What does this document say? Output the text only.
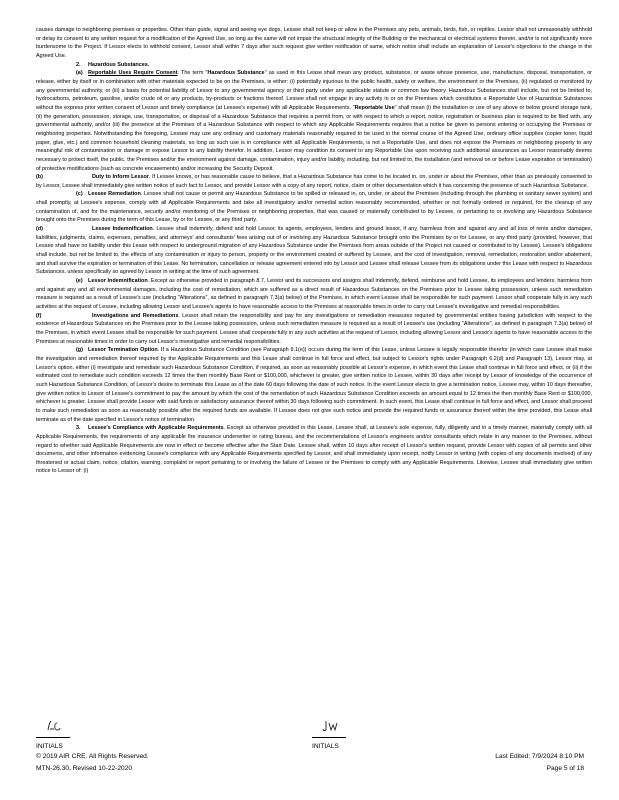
causes damage to neighboring premises or properties. Other than guide, signal and seeing eye dogs, Lessee shall not keep or allow in the Premises any pets, animals, birds, fish, or reptiles. Lessor shall not unreasonably withhold or delay its consent to any written request for a modification of the Agreed Use, so long as the same will not impair the structural integrity of the Building or the mechanical or electrical systems therein, and/or is not significantly more burdensome to the Project. If Lessor elects to withhold consent, Lessor shall within 7 days after such request give written notification of same, which notice shall include an explanation of Lessor's objections to the change in the Agreed Use.

2. Hazardous Substances.

(a) Reportable Uses Require Consent. The term "Hazardous Substance" as used in this Lease shall mean any product, substance, or waste whose presence, use, manufacture, disposal, transportation, or release, either by itself or in combination with other materials expected to be on the Premises, is either: (i) potentially injurious to the public health, safety or welfare, the environment or the Premises, (ii) regulated or monitored by any governmental authority, or (iii) a basis for potential liability of Lessor to any governmental agency or third party under any applicable statute or common law theory. Hazardous Substances shall include, but not be limited to, hydrocarbons, petroleum, gasoline, and/or crude oil or any products, by-products or fractions thereof. Lessee shall not engage in any activity in or on the Premises which constitutes a Reportable Use of Hazardous Substances without the express prior written consent of Lessor and timely compliance (at Lessee's expense) with all Applicable Requirements. "Reportable Use" shall mean (i) the installation or use of any above or below ground storage tank, (ii) the generation, possession, storage, use, transportation, or disposal of a Hazardous Substance that requires a permit from, or with respect to which a report, notice, registration or business plan is required to be filed with, any governmental authority, and/or (iii) the presence at the Premises of a Hazardous Substance with respect to which any Applicable Requirements requires that a notice be given to persons entering or occupying the Premises or neighboring properties. Notwithstanding the foregoing, Lessee may use any ordinary and customary materials reasonably required to be used in the normal course of the Agreed Use, ordinary office supplies (copier toner, liquid paper, glue, etc.) and common household cleaning materials, so long as such use is in compliance with all Applicable Requirements, is not a Reportable Use, and does not expose the Premises or neighboring property to any meaningful risk of contamination or damage or expose Lessor to any liability therefor. In addition, Lessor may condition its consent to any Reportable Use upon receiving such additional assurances as Lessor reasonably deems necessary to protect itself, the public, the Premises and/or the environment against damage, contamination, injury and/or liability, including, but not limited to, the installation (and removal on or before Lease expiration or termination) of protective modifications (such as concrete encasements) and/or increasing the Security Deposit.

(b)	Duty to Inform Lessor. If Lessee knows, or has reasonable cause to believe, that a Hazardous Substance has come to be located in, on, under or about the Premises, other than as previously consented to by Lessor, Lessee shall immediately give written notice of such fact to Lessor, and provide Lessor with a copy of any report, notice, claim or other documentation which it has concerning the presence of such Hazardous Substance.

(c) Lessee Remediation. Lessee shall not cause or permit any Hazardous Substance to be spilled or released in, on, under, or about the Premises (including through the plumbing or sanitary sewer system) and shall promptly, at Lessee's expense, comply with all Applicable Requirements and take all investigatory and/or remedial action reasonably recommended, whether or not formally ordered or required, for the cleanup of any contamination of, and for the maintenance, security and/or monitoring of the Premises or neighboring properties, that was caused or materially contributed to by Lessee, or pertaining to or involving any Hazardous Substance brought onto the Premises during the term of this Lease, by or for Lessee, or any third party.

(d)	Lessee Indemnification. Lessee shall indemnify, defend and hold Lessor, its agents, employees, lenders and ground lessor, if any, harmless from and against any and all loss of rents and/or damages, liabilities, judgments, claims, expenses, penalties, and attorneys' and consultants' fees arising out of or involving any Hazardous Substance brought onto the Premises by or for Lessee, or any third party (provided, however, that Lessee shall have no liability under this Lease with respect to underground migration of any Hazardous Substance under the Premises from areas outside of the Project not caused or contributed to by Lessee). Lessee's obligations shall include, but not be limited to, the effects of any contamination or injury to person, property or the environment created or suffered by Lessee, and the cost of investigation, removal, remediation, restoration and/or abatement, and shall survive the expiration or termination of this Lease. No termination, cancellation or release agreement entered into by Lessor and Lessee shall release Lessee from its obligations under this Lease with respect to Hazardous Substances, unless specifically so agreed by Lessor in writing at the time of such agreement.

(e) Lessor Indemnification. Except as otherwise provided in paragraph 8.7, Lessor and its successors and assigns shall indemnify, defend, reimburse and hold Lessee, its employees and lenders, harmless from and against any and all environmental damages, including the cost of remediation, which are suffered as a direct result of Hazardous Substances on the Premises prior to Lessee taking possession, unless such remediation measure is required as a result of Lessee's use (including "Alterations", as defined in paragraph 7.3(a) below) of the Premises, in which event Lessee shall be responsible for such payment. Lessor shall cooperate fully in any such activities at the request of Lessee, including allowing Lessor and Lessee's agents to have reasonable access to the Premises at reasonable times in order to carry out Lessee's investigative and remedial responsibilities.

(f)	Investigations and Remediations. Lessor shall retain the responsibility and pay for any investigations or remediation measures required by governmental entities having jurisdiction with respect to the existence of Hazardous Substances on the Premises prior to the Lessee taking possession, unless such remediation measure is required as a result of Lessee's use (including "Alterations", as defined in paragraph 7.3(a) below) of the Premises, in which event Lessee shall be responsible for such payment. Lessee shall cooperate fully in any such activities at the request of Lessor, including allowing Lessor and Lessor's agents to have reasonable access to the Premises at reasonable times in order to carry out Lessor's investigative and remedial responsibilities.

(g) Lessor Termination Option. If a Hazardous Substance Condition (see Paragraph 9.1(e)) occurs during the term of this Lease, unless Lessee is legally responsible therefor (in which case Lessee shall make the investigation and remediation thereof required by the Applicable Requirements and this Lease shall continue in full force and effect, but subject to Lessor's rights under Paragraph 6.2(d) and Paragraph 13), Lessor may, at Lessor's option, either (i) investigate and remediate such Hazardous Substance Condition, if required, as soon as reasonably possible at Lessor's expense, in which event this Lease shall continue in full force and effect, or (ii) if the estimated cost to remediate such condition exceeds 12 times the then monthly Base Rent or $100,000, whichever is greater, give written notice to Lessee, within 30 days after receipt by Lessor of knowledge of the occurrence of such Hazardous Substance Condition, of Lessor's desire to terminate this Lease as of the date 60 days following the date of such notice. In the event Lessor elects to give a termination notice, Lessee may, within 10 days thereafter, give written notice to Lessor of Lessee's commitment to pay the amount by which the cost of the remediation of such Hazardous Substance Condition exceeds an amount equal to 12 times the then monthly Base Rent or $100,000, whichever is greater. Lessee shall provide Lessor with said funds or satisfactory assurance thereof within 30 days following such commitment. In such event, this Lease shall continue in full force and effect, and Lessor shall proceed to make such remediation as soon as reasonably possible after the required funds are available. If Lessee does not give such notice and provide the required funds or assurance thereof within the time provided, this Lease shall terminate as of the date specified in Lessor's notice of termination.

3. Lessee's Compliance with Applicable Requirements. Except as otherwise provided in this Lease, Lessee shall, at Lessee's sole expense, fully, diligently and in a timely manner, materially comply with all Applicable Requirements, the requirements of any applicable fire insurance underwriter or rating bureau, and the recommendations of Lessor's engineers and/or consultants which relate in any manner to the Premises, without regard to whether said Applicable Requirements are now in effect or become effective after the Start Date. Lessee shall, within 10 days after receipt of Lessor's written request, provide Lessor with copies of all permits and other documents, and other information evidencing Lessee's compliance with any Applicable Requirements specified by Lessor, and shall immediately upon receipt, notify Lessor in writing (with copies of any documents involved) of any threatened or actual claim, notice, citation, warning, complaint or report pertaining to or involving the failure of Lessee or the Premises to comply with any Applicable Requirements. Likewise, Lessee shall immediately give written notice to Lessor of: (i)

INITIALS	INITIALS
© 2019 AIR CRE. All Rights Reserved.	Last Edited: 7/9/2024 8:10 PM
MTN-26.30, Revised 10-22-2020	Page 5 of 18
